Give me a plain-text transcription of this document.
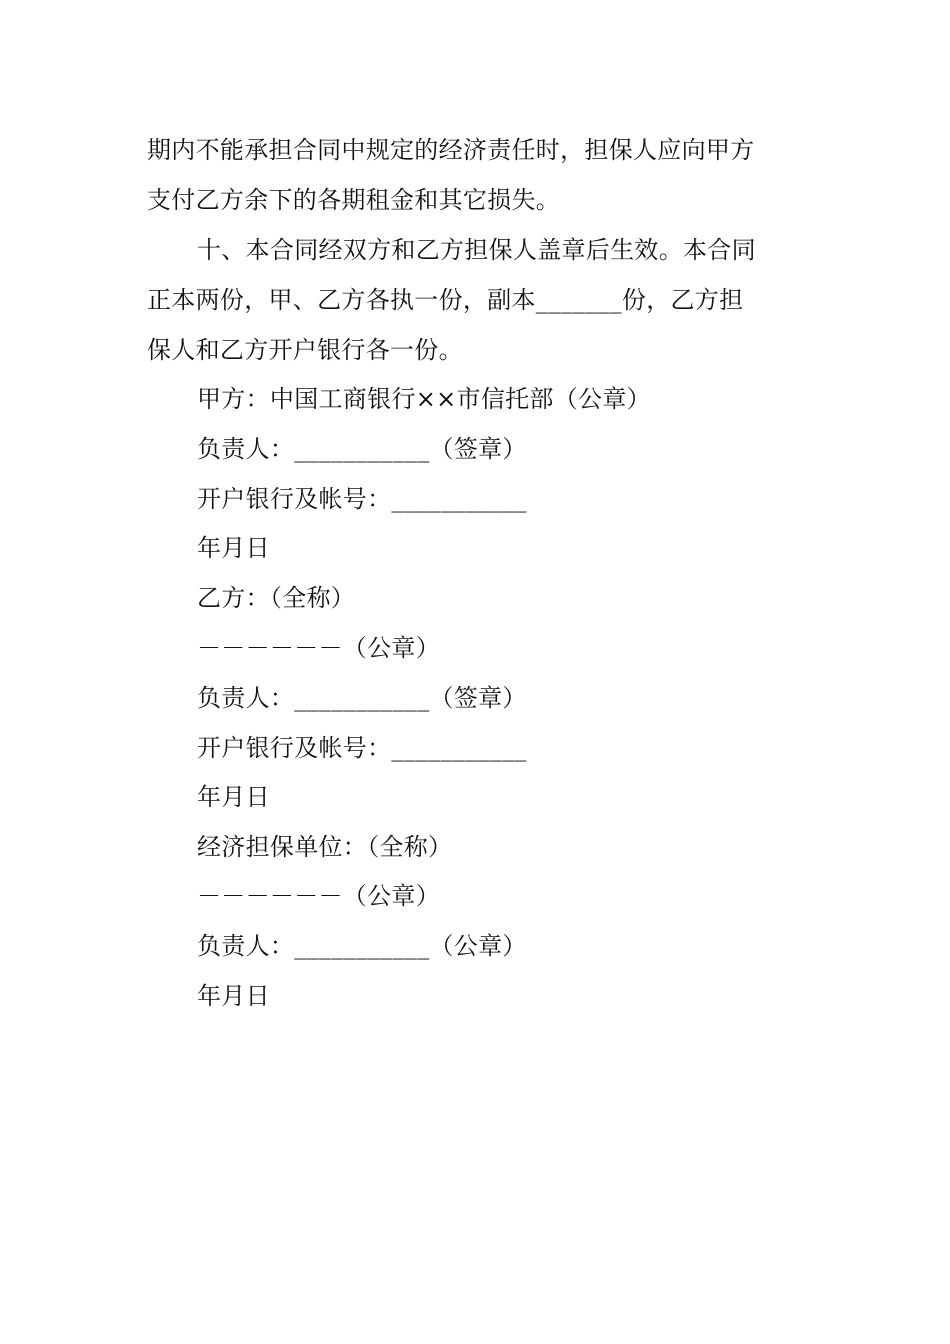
期内不能承担合同中规定的经济责任时，担保人应向甲方
支付乙方余下的各期租金和其它损失。
十、本合同经双方和乙方担保人盖章后生效。本合同
正本两份，甲、乙方各执一份，副本_______份，乙方担
保人和乙方开户银行各一份。
甲方：中国工商银行××市信托部（公章）
负责人：___________（签章）
开户银行及帐号：___________
年月日
乙方：（全称）
－－－－－－（公章）
负责人：___________（签章）
开户银行及帐号：___________
年月日
经济担保单位：（全称）
－－－－－－（公章）
负责人：___________（公章）
年月日
